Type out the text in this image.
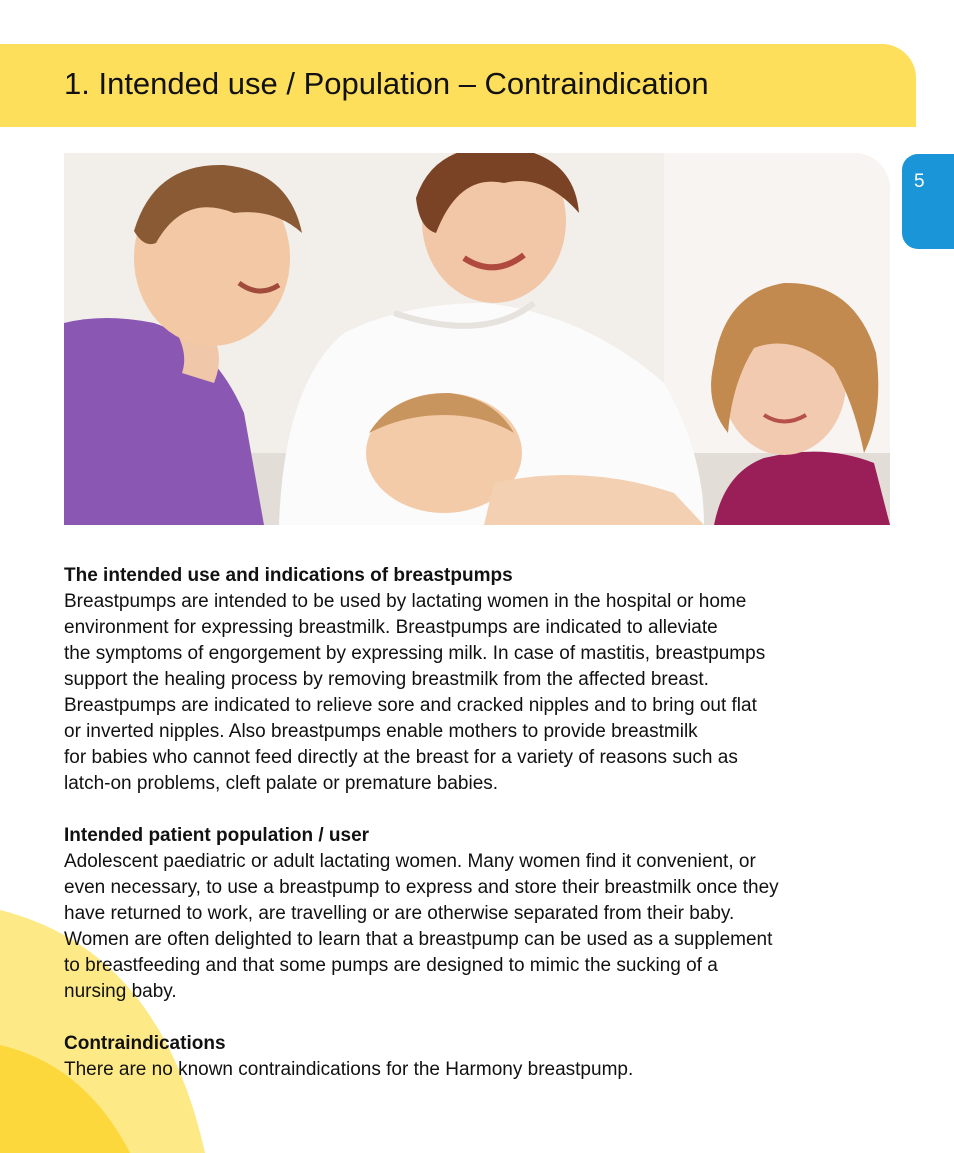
1. Intended use / Population – Contraindication
5
The intended use and indications of breastpumps

Breastpumps are intended to be used by lactating women in the hospital or home
environment for expressing breastmilk. Breastpumps are indicated to alleviate
the symptoms of engorgement by expressing milk. In case of mastitis, breastpumps
support the healing process by removing breastmilk from the affected breast.
Breastpumps are indicated to relieve sore and cracked nipples and to bring out flat
or inverted nipples. Also breastpumps enable mothers to provide breastmilk
for babies who cannot feed directly at the breast for a variety of reasons such as
latch-on problems, cleft palate or premature babies.

Intended patient population / user

Adolescent paediatric or adult lactating women. Many women find it convenient, or
even necessary, to use a breastpump to express and store their breastmilk once they
have returned to work, are travelling or are otherwise separated from their baby.
Women are often delighted to learn that a breastpump can be used as a supplement
to breastfeeding and that some pumps are designed to mimic the sucking of a
nursing baby.

Contraindications

There are no known contraindications for the Harmony breastpump.
